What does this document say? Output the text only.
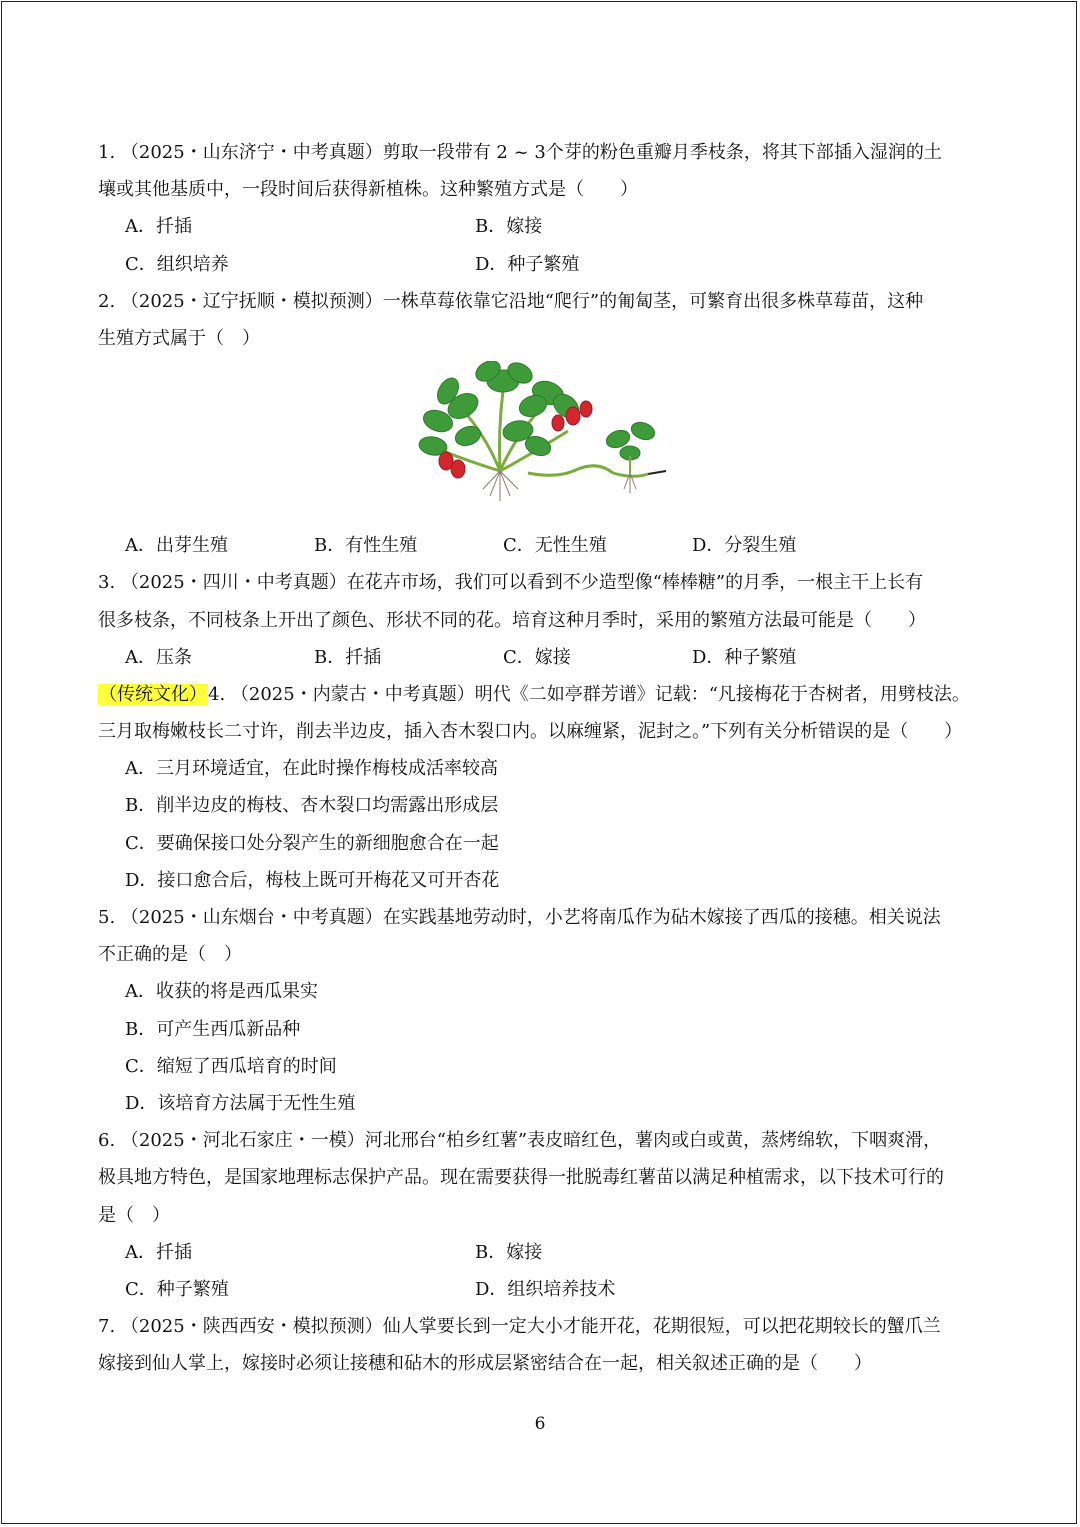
1. （2025・山东济宁・中考真题）剪取一段带有 2 ~ 3个芽的粉色重瓣月季枝条，将其下部插入湿润的土
壤或其他基质中，一段时间后获得新植株。这种繁殖方式是（　　）
A．扦插	B．嫁接
C．组织培养	D．种子繁殖
2. （2025・辽宁抚顺・模拟预测）一株草莓依靠它沿地“爬行”的匍匐茎，可繁育出很多株草莓苗，这种
生殖方式属于（　）
A．出芽生殖	B．有性生殖	C．无性生殖	D．分裂生殖
3. （2025・四川・中考真题）在花卉市场，我们可以看到不少造型像“棒棒糖”的月季，一根主干上长有
很多枝条，不同枝条上开出了颜色、形状不同的花。培育这种月季时，采用的繁殖方法最可能是（　　）
A．压条	B．扦插	C．嫁接	D．种子繁殖
（传统文化）4. （2025・内蒙古・中考真题）明代《二如亭群芳谱》记载：“凡接梅花于杏树者，用劈枝法。
三月取梅嫩枝长二寸许，削去半边皮，插入杏木裂口内。以麻缠紧，泥封之。”下列有关分析错误的是（　　）
A．三月环境适宜，在此时操作梅枝成活率较高
B．削半边皮的梅枝、杏木裂口均需露出形成层
C．要确保接口处分裂产生的新细胞愈合在一起
D．接口愈合后，梅枝上既可开梅花又可开杏花
5. （2025・山东烟台・中考真题）在实践基地劳动时，小艺将南瓜作为砧木嫁接了西瓜的接穗。相关说法
不正确的是（　）
A．收获的将是西瓜果实
B．可产生西瓜新品种
C．缩短了西瓜培育的时间
D．该培育方法属于无性生殖
6. （2025・河北石家庄・一模）河北邢台“柏乡红薯”表皮暗红色，薯肉或白或黄，蒸烤绵软，下咽爽滑，
极具地方特色，是国家地理标志保护产品。现在需要获得一批脱毒红薯苗以满足种植需求，以下技术可行的
是（　）
A．扦插	B．嫁接
C．种子繁殖	D．组织培养技术
7. （2025・陕西西安・模拟预测）仙人掌要长到一定大小才能开花，花期很短，可以把花期较长的蟹爪兰
嫁接到仙人掌上，嫁接时必须让接穗和砧木的形成层紧密结合在一起，相关叙述正确的是（　　）
6
